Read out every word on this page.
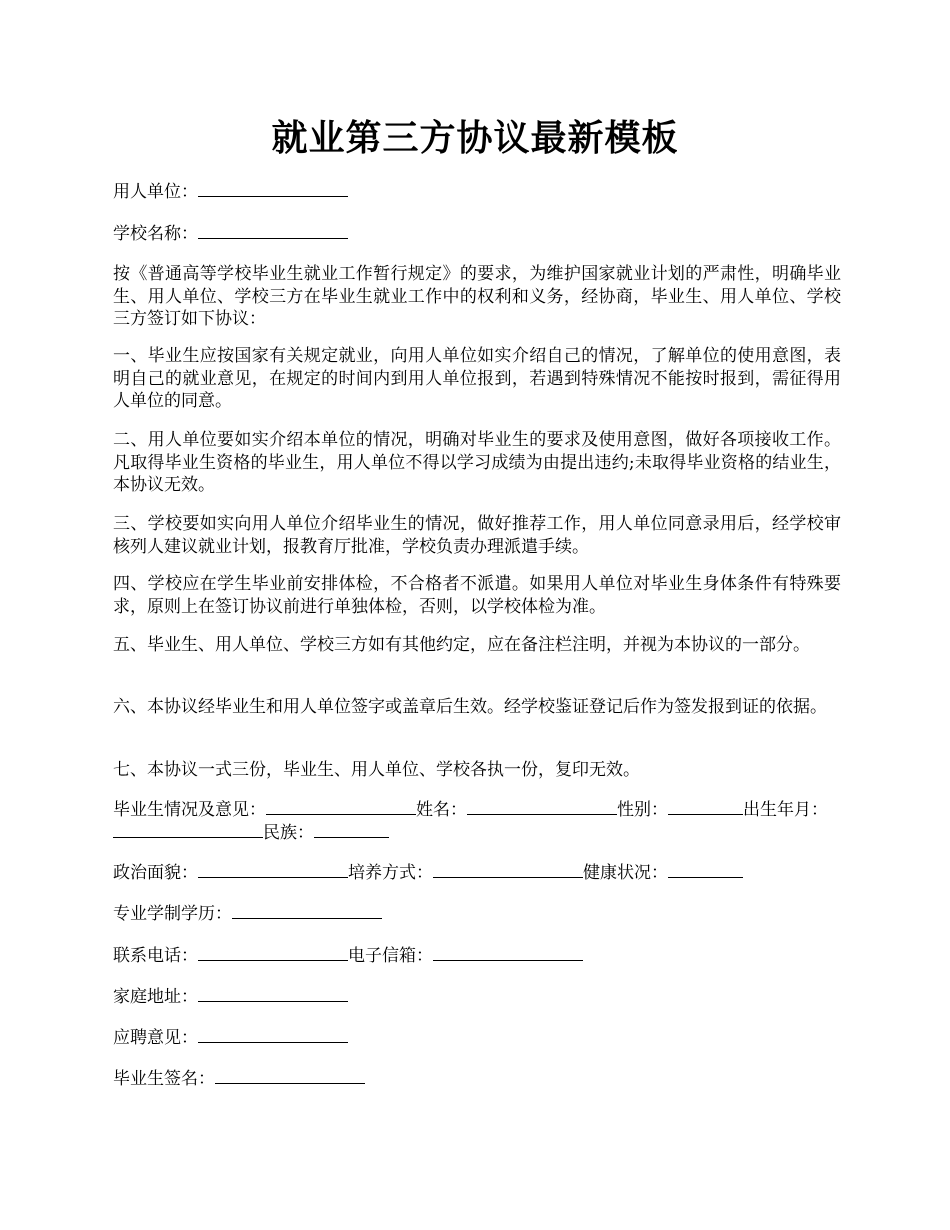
就业第三方协议最新模板

用人单位：

学校名称：

按《普通高等学校毕业生就业工作暂行规定》的要求，为维护国家就业计划的严肃性，明确毕业生、用人单位、学校三方在毕业生就业工作中的权利和义务，经协商，毕业生、用人单位、学校三方签订如下协议：

一、毕业生应按国家有关规定就业，向用人单位如实介绍自己的情况，了解单位的使用意图，表明自己的就业意见，在规定的时间内到用人单位报到，若遇到特殊情况不能按时报到，需征得用人单位的同意。

二、用人单位要如实介绍本单位的情况，明确对毕业生的要求及使用意图，做好各项接收工作。凡取得毕业生资格的毕业生，用人单位不得以学习成绩为由提出违约;未取得毕业资格的结业生，本协议无效。

三、学校要如实向用人单位介绍毕业生的情况，做好推荐工作，用人单位同意录用后，经学校审核列人建议就业计划，报教育厅批准，学校负责办理派遣手续。

四、学校应在学生毕业前安排体检，不合格者不派遣。如果用人单位对毕业生身体条件有特殊要求，原则上在签订协议前进行单独体检，否则，以学校体检为准。

五、毕业生、用人单位、学校三方如有其他约定，应在备注栏注明，并视为本协议的一部分。

六、本协议经毕业生和用人单位签字或盖章后生效。经学校鉴证登记后作为签发报到证的依据。

七、本协议一式三份，毕业生、用人单位、学校各执一份，复印无效。

毕业生情况及意见：	姓名：	性别：	出生年月：
民族：

政治面貌：	培养方式：	健康状况：

专业学制学历：

联系电话：	电子信箱：

家庭地址：

应聘意见：

毕业生签名：
